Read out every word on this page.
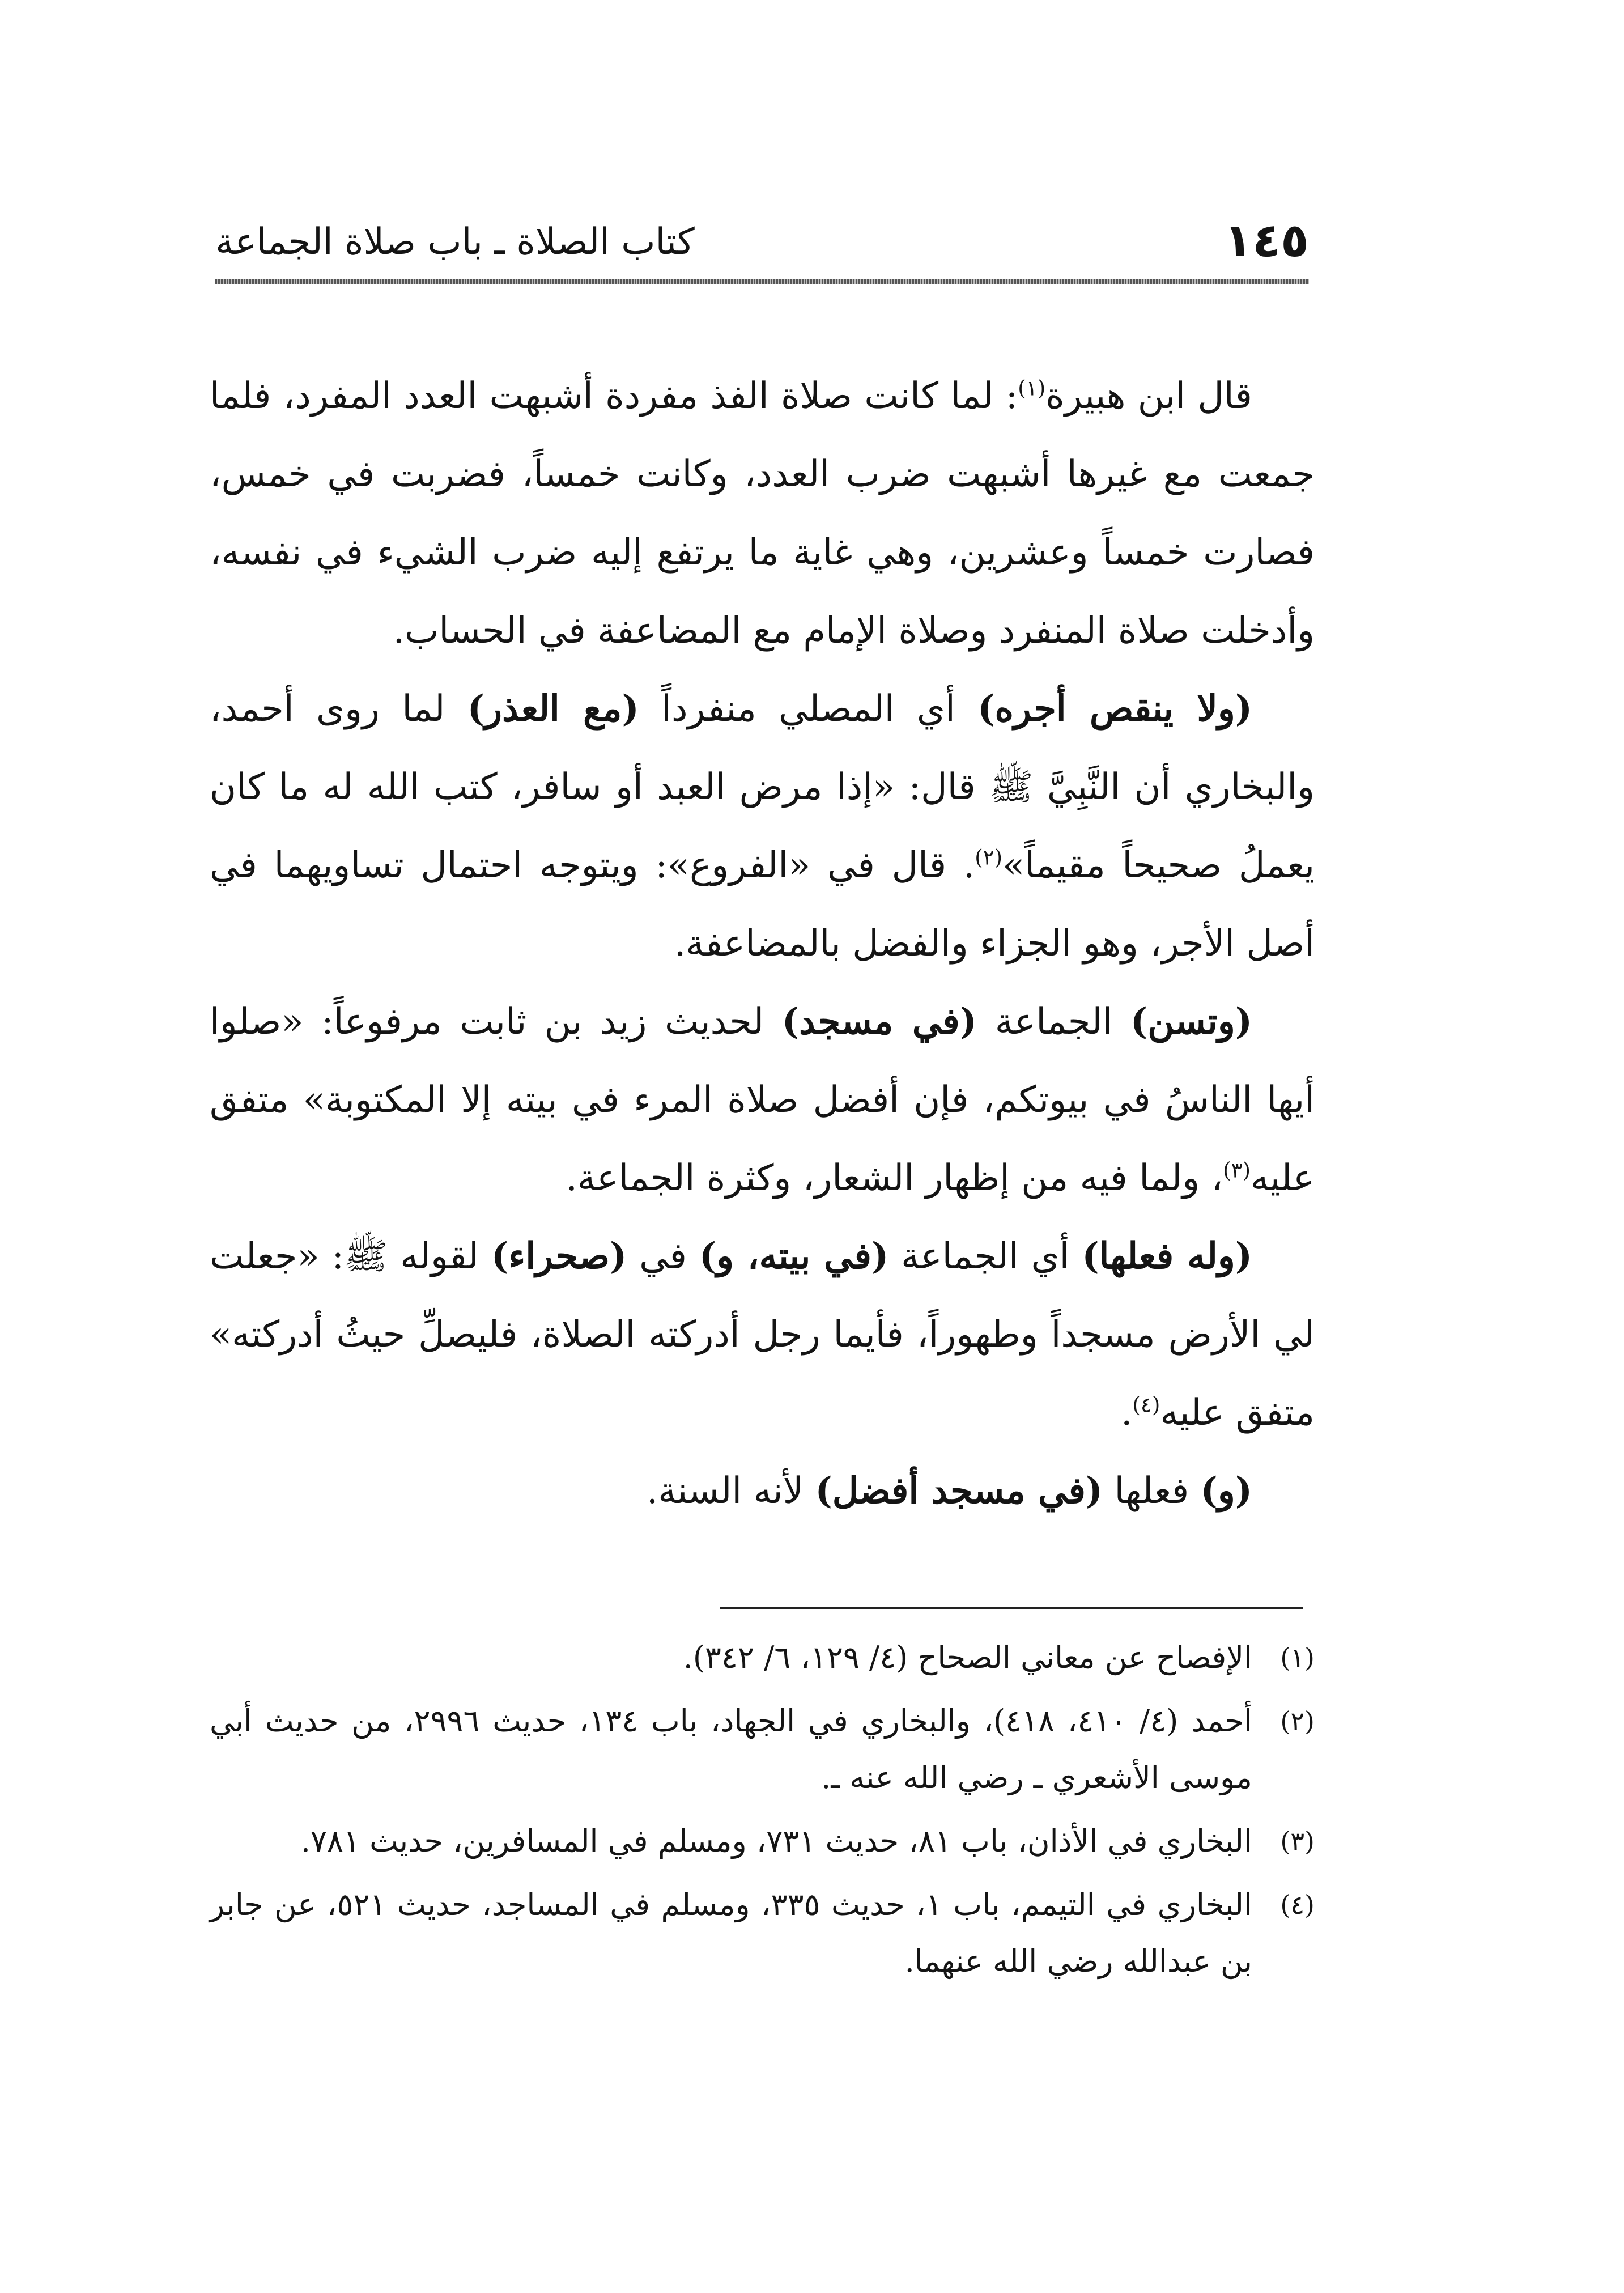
١٤٥
كتاب الصلاة ـ باب صلاة الجماعة

قال ابن هبيرة$^{(١)}$: لما كانت صلاة الفذ مفردة أشبهت العدد المفرد، فلما جمعت مع غيرها أشبهت ضرب العدد، وكانت خمساً، فضربت في خمس، فصارت خمساً وعشرين، وهي غاية ما يرتفع إليه ضرب الشيء في نفسه، وأدخلت صلاة المنفرد وصلاة الإمام مع المضاعفة في الحساب.

(ولا ينقص أجره) أي المصلي منفرداً (مع العذر) لما روى أحمد، والبخاري أن النَّبِيَّ ﷺ قال: «إذا مرض العبد أو سافر، كتب الله له ما كان يعملُ صحيحاً مقيماً»$^{(٢)}$. قال في «الفروع»: ويتوجه احتمال تساويهما في أصل الأجر، وهو الجزاء والفضل بالمضاعفة.

(وتسن) الجماعة (في مسجد) لحديث زيد بن ثابت مرفوعاً: «صلوا أيها الناسُ في بيوتكم، فإن أفضل صلاة المرء في بيته إلا المكتوبة» متفق عليه$^{(٣)}$، ولما فيه من إظهار الشعار، وكثرة الجماعة.

(وله فعلها) أي الجماعة (في بيته، و) في (صحراء) لقوله ﷺ: «جعلت لي الأرض مسجداً وطهوراً، فأيما رجل أدركته الصلاة، فليصلِّ حيثُ أدركته» متفق عليه$^{(٤)}$.

(و) فعلها (في مسجد أفضل) لأنه السنة.

(١)
الإفصاح عن معاني الصحاح (٤/ ١٢٩، ٦/ ٣٤٢).
(٢)
أحمد (٤/ ٤١٠، ٤١٨)، والبخاري في الجهاد، باب ١٣٤، حديث ٢٩٩٦، من حديث أبي موسى الأشعري ـ رضي الله عنه ـ.
(٣)
البخاري في الأذان، باب ٨١، حديث ٧٣١، ومسلم في المسافرين، حديث ٧٨١.
(٤)
البخاري في التيمم، باب ١، حديث ٣٣٥، ومسلم في المساجد، حديث ٥٢١، عن جابر بن عبدالله رضي الله عنهما.
